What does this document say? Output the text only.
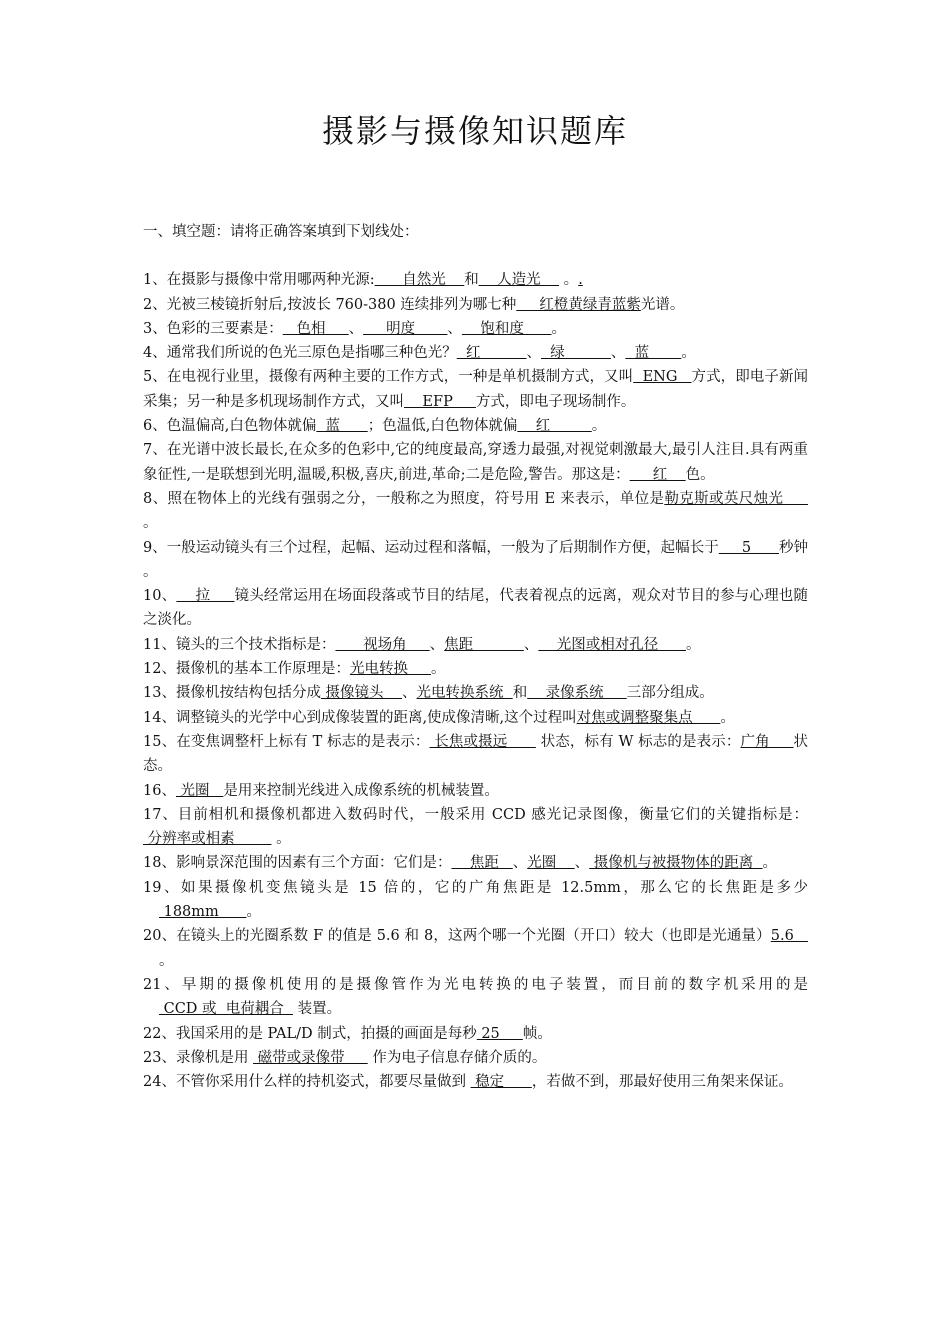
摄影与摄像知识题库

一、填空题：请将正确答案填到下划线处：

1、在摄影与摄像中常用哪两种光源:      自然光    和    人造光     。.

2、光被三棱镜折射后,按波长 760-380 连续排列为哪七种     红橙黄绿青蓝紫光谱。

3、色彩的三要素是：   色相     、     明度       、    饱和度      。

4、通常我们所说的色光三原色是指哪三种色光？  红          、  绿          、  蓝       。

5、在电视行业里，摄像有两种主要的工作方式，一种是单机摄制方式，又叫  ENG   方式，即电子新闻采集；另一种是多机现场制作方式，又叫    EFP     方式，即电子现场制作。

6、色温偏高,白色物体就偏  蓝      ；色温低,白色物体就偏    红         。

7、在光谱中波长最长,在众多的色彩中,它的纯度最高,穿透力最强,对视觉刺激最大,最引人注目.具有两重象征性,一是联想到光明,温暖,积极,喜庆,前进,革命;二是危险,警告。那这是：     红    色。

8、照在物体上的光线有强弱之分，一般称之为照度，符号用 E 来表示，单位是勒克斯或英尺烛光      。

9、一般运动镜头有三个过程，起幅、运动过程和落幅，一般为了后期制作方便，起幅长于     5      秒钟 。

10、    拉     镜头经常运用在场面段落或节目的结尾，代表着视点的远离，观众对节目的参与心理也随之淡化。

11、镜头的三个技术指标是：      视场角     、焦距           、    光图或相对孔径      。

12、摄像机的基本工作原理是：光电转换     。

13、摄像机按结构包括分成 摄像镜头    、光电转换系统  和    录像系统     三部分组成。

14、调整镜头的光学中心到成像装置的距离,使成像清晰,这个过程叫对焦或调整聚集点      。

15、在变焦调整杆上标有 T 标志的是表示： 长焦或摄远       状态，标有 W 标志的是表示：广角     状态。

16、 光圈   是用来控制光线进入成像系统的机械装置。

17、目前相机和摄像机都进入数码时代，一般采用 CCD 感光记录图像，衡量它们的关键指标是： 分辨率或相素         。

18、影响景深范围的因素有三个方面：它们是：    焦距   、光圈    、 摄像机与被摄物体的距离  。

19、如果摄像机变焦镜头是 15 倍的，它的广角焦距是 12.5mm，那么它的长焦距是多少 188mm      。

20、在镜头上的光圈系数 F 的值是 5.6 和 8，这两个哪一个光圈（开口）较大（也即是光通量）5.6    。

21、早期的摄像机使用的是摄像管作为光电转换的电子装置，而目前的数字机采用的是 CCD 或  电荷耦合   装置。

22、我国采用的是 PAL/D 制式，拍摄的画面是每秒 25     帧。

23、录像机是用  磁带或录像带      作为电子信息存储介质的。

24、不管你采用什么样的持机姿式，都要尽量做到  稳定      ，若做不到，那最好使用三角架来保证。
